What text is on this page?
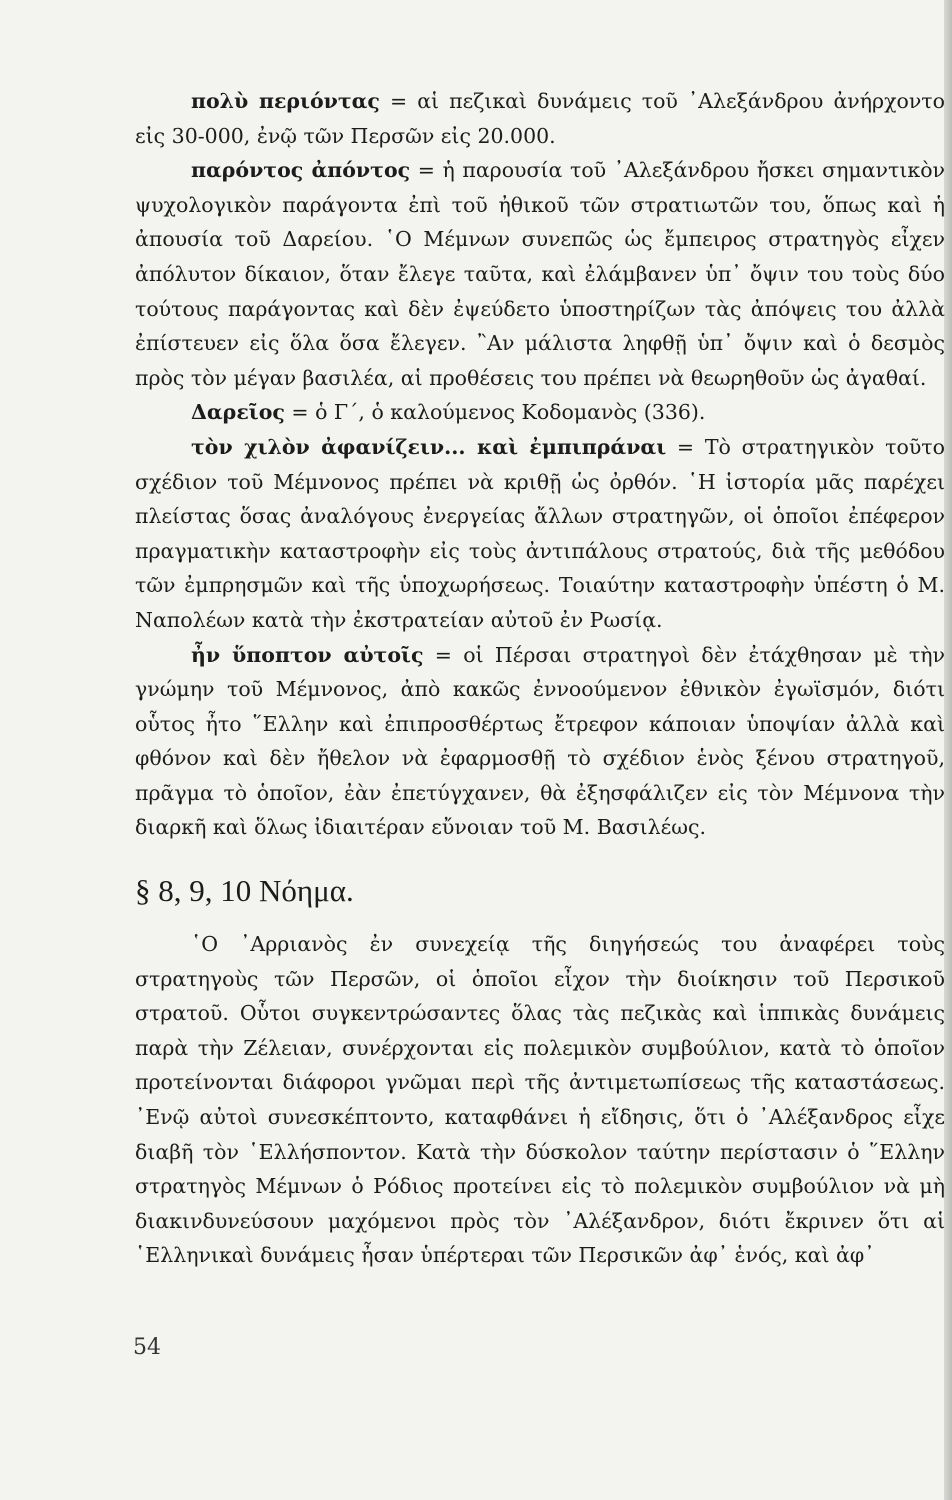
πολὺ περιόντας = αἱ πεζικαὶ δυνάμεις τοῦ ᾽Αλεξάνδρου ἀνήρχοντο εἰς 30-000, ἐνῷ τῶν Περσῶν εἰς 20.000.

παρόντος ἀπόντος = ἡ παρουσία τοῦ ᾽Αλεξάνδρου ἤσκει σημαντικὸν ψυχολογικὸν παράγοντα ἐπὶ τοῦ ἠθικοῦ τῶν στρατιωτῶν του, ὅπως καὶ ἡ ἀπουσία τοῦ Δαρείου. ῾Ο Μέμνων συνεπῶς ὡς ἔμπειρος στρατηγὸς εἶχεν ἀπόλυτον δίκαιον, ὅταν ἔλεγε ταῦτα, καὶ ἐλάμβανεν ὑπ᾽ ὄψιν του τοὺς δύο τούτους παράγοντας καὶ δὲν ἐψεύδετο ὑποστηρίζων τὰς ἀπόψεις του ἀλλὰ ἐπίστευεν εἰς ὅλα ὅσα ἔλεγεν. ῍Αν μάλιστα ληφθῇ ὑπ᾽ ὄψιν καὶ ὁ δεσμὸς πρὸς τὸν μέγαν βασιλέα, αἱ προθέσεις του πρέπει νὰ θεωρηθοῦν ὡς ἀγαθαί.

Δαρεῖος = ὁ Γ΄, ὁ καλούμενος Κοδομανὸς (336).

τὸν χιλὸν ἀφανίζειν... καὶ ἐμπιπράναι = Τὸ στρατηγικὸν τοῦτο σχέδιον τοῦ Μέμνονος πρέπει νὰ κριθῇ ὡς ὀρθόν. ῾Η ἱστορία μᾶς παρέχει πλείστας ὅσας ἀναλόγους ἐνεργείας ἄλλων στρατηγῶν, οἱ ὁποῖοι ἐπέφερον πραγματικὴν καταστροφὴν εἰς τοὺς ἀντιπάλους στρατούς, διὰ τῆς μεθόδου τῶν ἐμπρησμῶν καὶ τῆς ὑποχωρήσεως. Τοιαύτην καταστροφὴν ὑπέστη ὁ Μ. Ναπολέων κατὰ τὴν ἐκστρατείαν αὐτοῦ ἐν Ρωσίᾳ.

ἦν ὕποπτον αὐτοῖς = οἱ Πέρσαι στρατηγοὶ δὲν ἐτάχθησαν μὲ τὴν γνώμην τοῦ Μέμνονος, ἀπὸ κακῶς ἐννοούμενον ἐθνικὸν ἐγωϊσμόν, διότι οὗτος ἦτο ῞Ελλην καὶ ἐπιπροσθέρτως ἔτρεφον κάποιαν ὑποψίαν ἀλλὰ καὶ φθόνον καὶ δὲν ἤθελον νὰ ἐφαρμοσθῇ τὸ σχέδιον ἑνὸς ξένου στρατηγοῦ, πρᾶγμα τὸ ὁποῖον, ἐὰν ἐπετύγχανεν, θὰ ἐξησφάλιζεν εἰς τὸν Μέμνονα τὴν διαρκῆ καὶ ὅλως ἰδιαιτέραν εὔνοιαν τοῦ Μ. Βασιλέως.

§ 8, 9, 10 Νόημα.

῾Ο ᾽Αρριανὸς ἐν συνεχείᾳ τῆς διηγήσεώς του ἀναφέρει τοὺς στρατηγοὺς τῶν Περσῶν, οἱ ὁποῖοι εἶχον τὴν διοίκησιν τοῦ Περσικοῦ στρατοῦ. Οὗτοι συγκεντρώσαντες ὅλας τὰς πεζικὰς καὶ ἱππικὰς δυνάμεις παρὰ τὴν Ζέλειαν, συνέρχονται εἰς πολεμικὸν συμβούλιον, κατὰ τὸ ὁποῖον προτείνονται διάφοροι γνῶμαι περὶ τῆς ἀντιμετωπίσεως τῆς καταστάσεως. ᾽Ενῷ αὐτοὶ συνεσκέπτοντο, καταφθάνει ἡ εἴδησις, ὅτι ὁ ᾽Αλέξανδρος εἶχε διαβῆ τὸν ῾Ελλήσποντον. Κατὰ τὴν δύσκολον ταύτην περίστασιν ὁ ῞Ελλην στρατηγὸς Μέμνων ὁ Ρόδιος προτείνει εἰς τὸ πολεμικὸν συμβούλιον νὰ μὴ διακινδυνεύσουν μαχόμενοι πρὸς τὸν ᾽Αλέξανδρον, διότι ἔκρινεν ὅτι αἱ ῾Ελληνικαὶ δυνάμεις ἦσαν ὑπέρτεραι τῶν Περσικῶν ἀφ᾽ ἑνός, καὶ ἀφ᾽

54
